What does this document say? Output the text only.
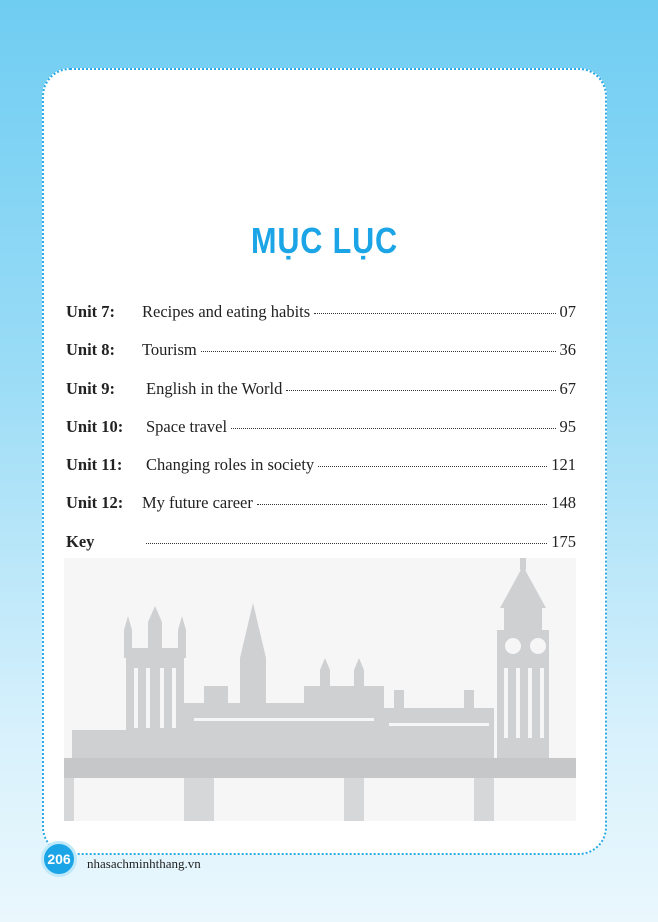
MỤC LỤC
Unit 7:	Recipes and eating habits	07
Unit 8:	Tourism	36
Unit 9:	English in the World	67
Unit 10:	Space travel	95
Unit 11:	Changing roles in society	121
Unit 12:	My future career	148
Key	175
206	nhasachminhthang.vn
